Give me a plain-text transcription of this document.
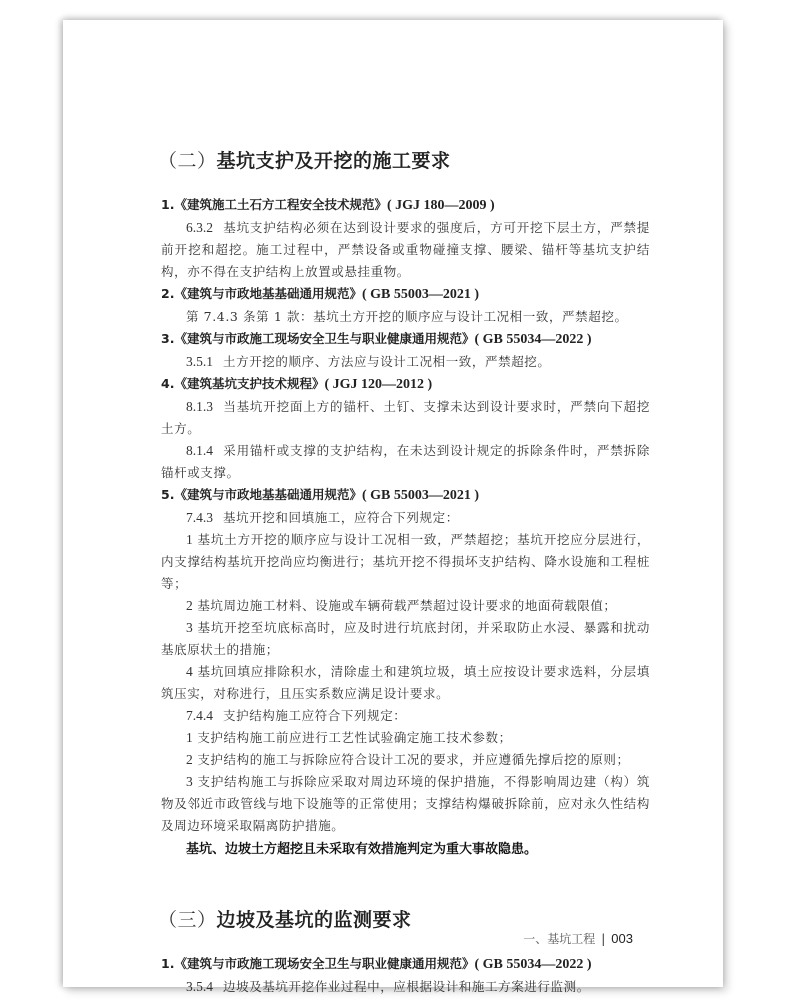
（二）基坑支护及开挖的施工要求
1.《建筑施工土石方工程安全技术规范》( JGJ 180—2009 )
6.3.2 基坑支护结构必须在达到设计要求的强度后，方可开挖下层土方，严禁提前开挖和超挖。施工过程中，严禁设备或重物碰撞支撑、腰梁、锚杆等基坑支护结构，亦不得在支护结构上放置或悬挂重物。
2.《建筑与市政地基基础通用规范》( GB 55003—2021 )
第 7.4.3 条第 1 款：基坑土方开挖的顺序应与设计工况相一致，严禁超挖。
3.《建筑与市政施工现场安全卫生与职业健康通用规范》( GB 55034—2022 )
3.5.1 土方开挖的顺序、方法应与设计工况相一致，严禁超挖。
4.《建筑基坑支护技术规程》( JGJ 120—2012 )
8.1.3 当基坑开挖面上方的锚杆、土钉、支撑未达到设计要求时，严禁向下超挖土方。
8.1.4 采用锚杆或支撑的支护结构，在未达到设计规定的拆除条件时，严禁拆除锚杆或支撑。
5.《建筑与市政地基基础通用规范》( GB 55003—2021 )
7.4.3 基坑开挖和回填施工，应符合下列规定：
1 基坑土方开挖的顺序应与设计工况相一致，严禁超挖；基坑开挖应分层进行，内支撑结构基坑开挖尚应均衡进行；基坑开挖不得损坏支护结构、降水设施和工程桩等；
2 基坑周边施工材料、设施或车辆荷载严禁超过设计要求的地面荷载限值；
3 基坑开挖至坑底标高时，应及时进行坑底封闭，并采取防止水浸、暴露和扰动基底原状土的措施；
4 基坑回填应排除积水，清除虚土和建筑垃圾，填土应按设计要求选料，分层填筑压实，对称进行，且压实系数应满足设计要求。
7.4.4 支护结构施工应符合下列规定：
1 支护结构施工前应进行工艺性试验确定施工技术参数；
2 支护结构的施工与拆除应符合设计工况的要求，并应遵循先撑后挖的原则；
3 支护结构施工与拆除应采取对周边环境的保护措施，不得影响周边建（构）筑物及邻近市政管线与地下设施等的正常使用；支撑结构爆破拆除前，应对永久性结构及周边环境采取隔离防护措施。
基坑、边坡土方超挖且未采取有效措施判定为重大事故隐患。
（三）边坡及基坑的监测要求
1.《建筑与市政施工现场安全卫生与职业健康通用规范》( GB 55034—2022 )
3.5.4 边坡及基坑开挖作业过程中，应根据设计和施工方案进行监测。
一、基坑工程 | 003
